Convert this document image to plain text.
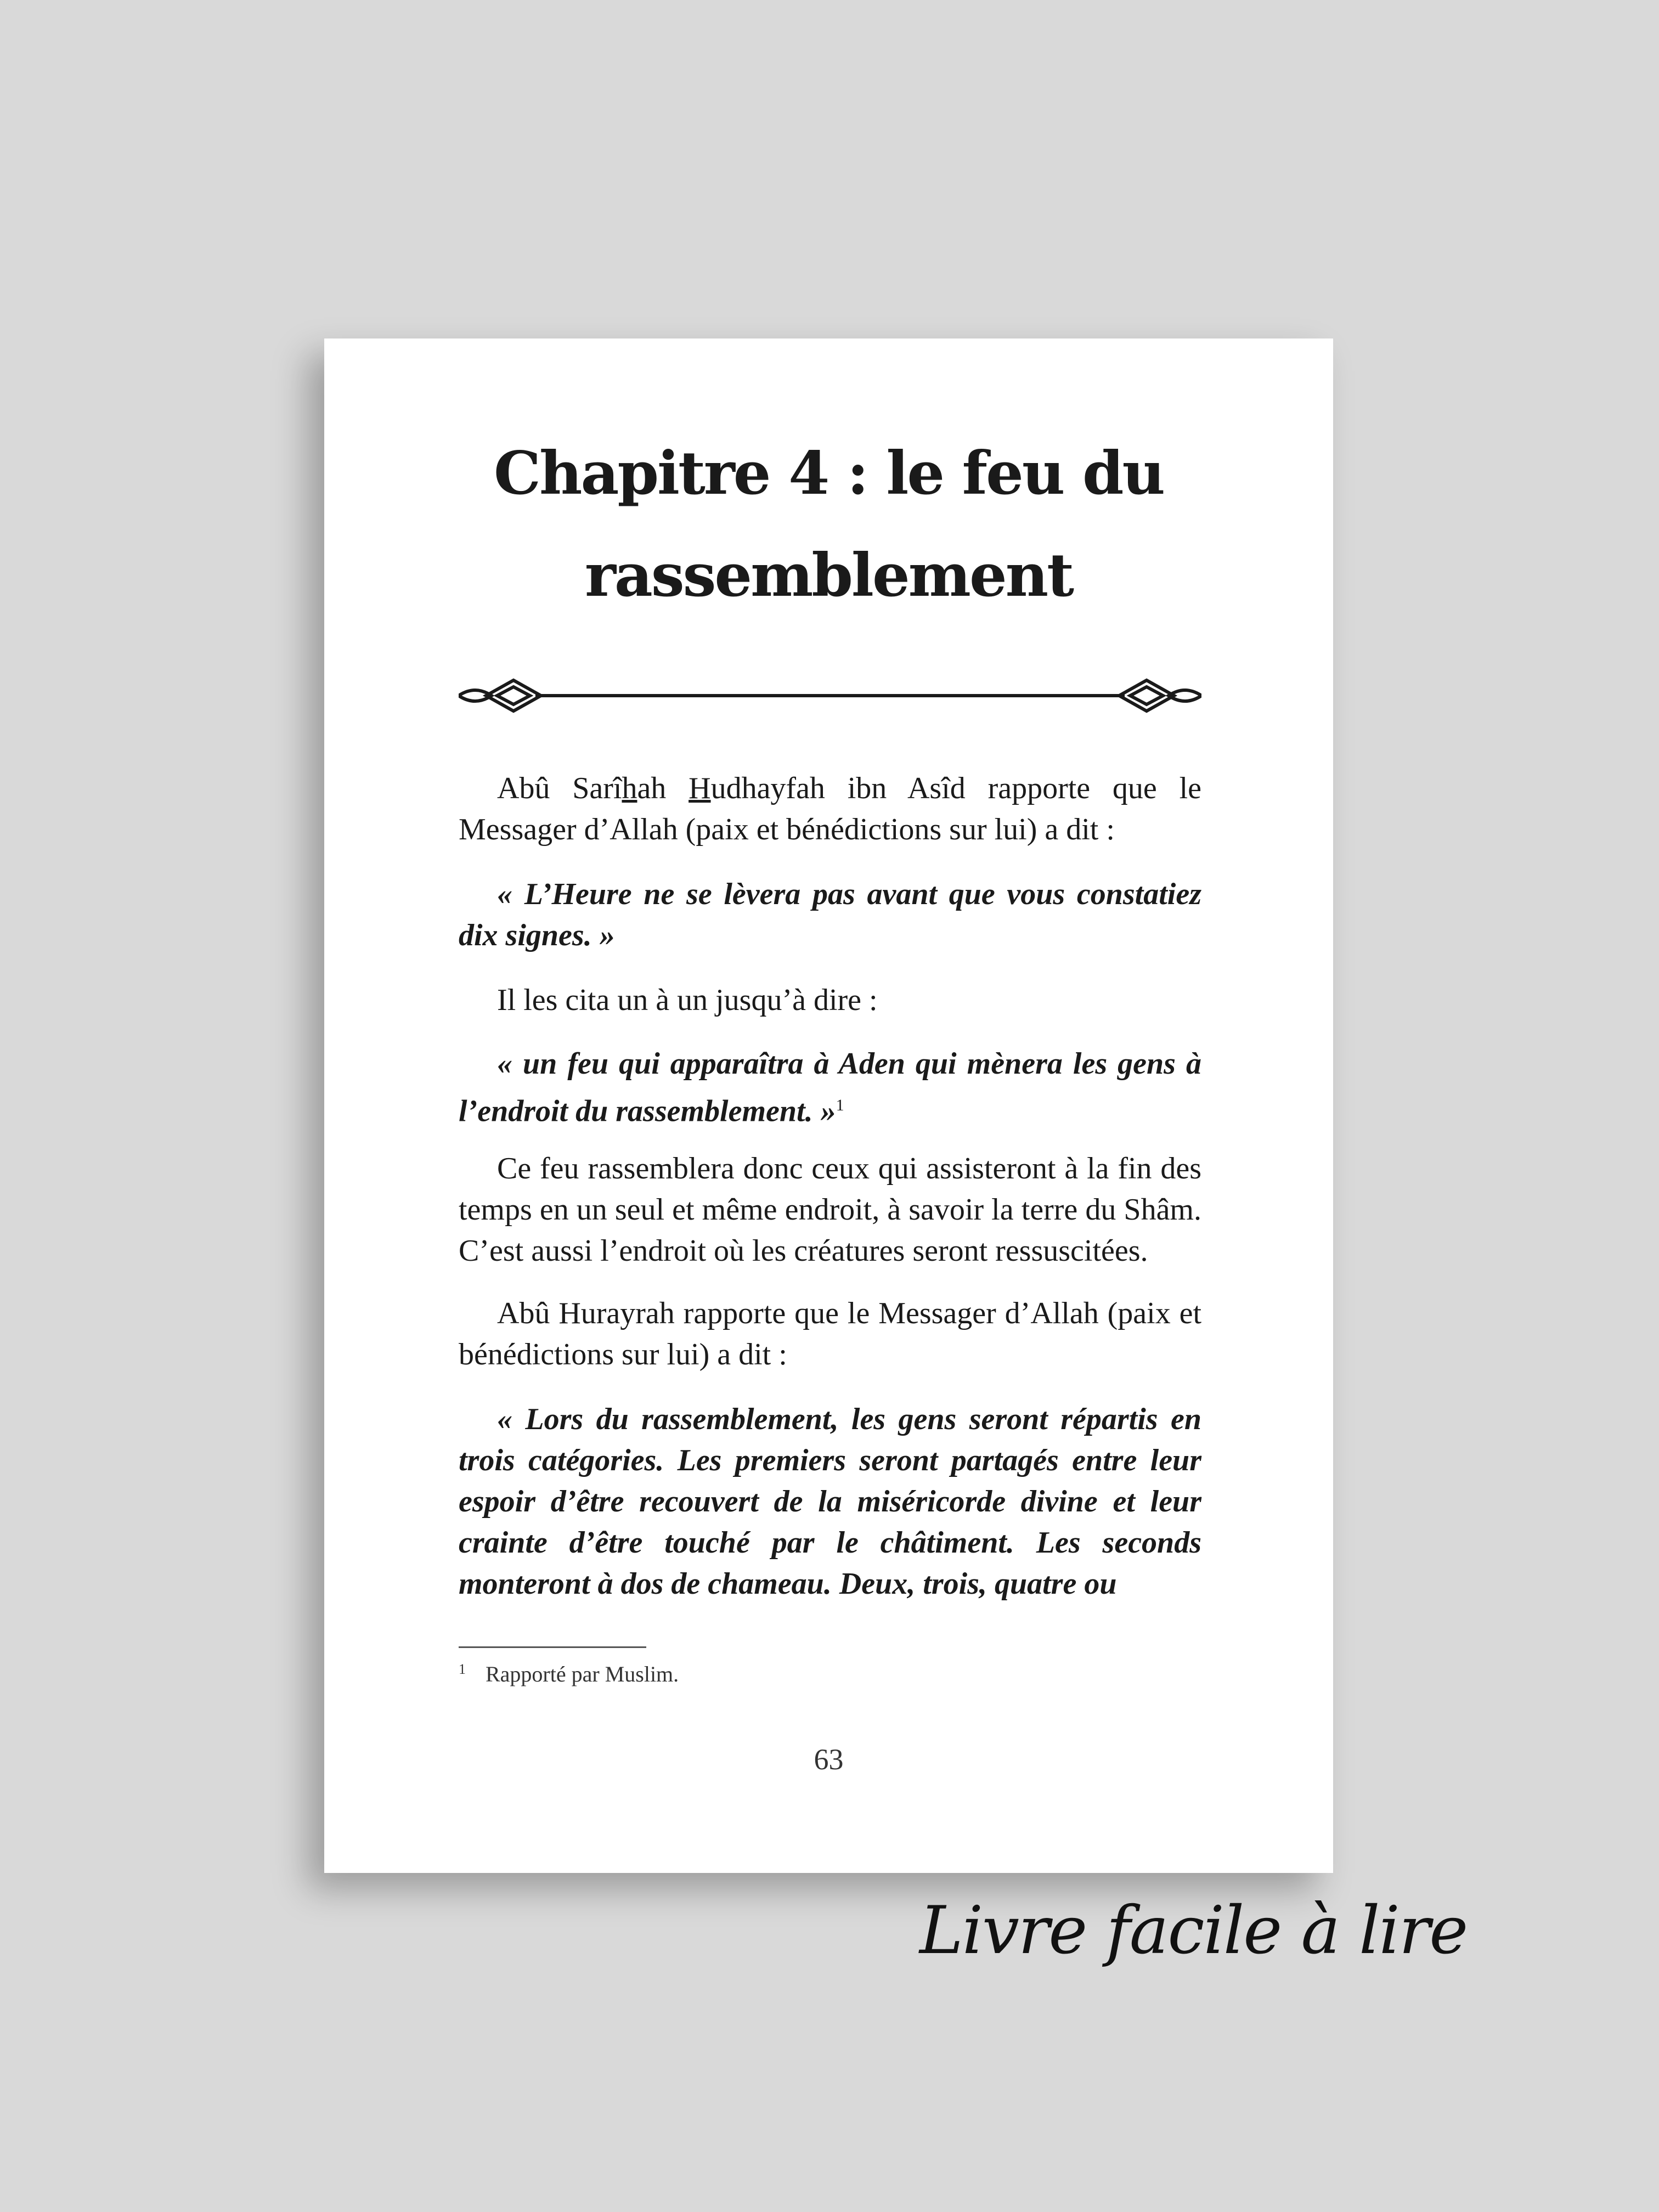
Chapitre 4 : le feu du
rassemblement
Abû Sarîhah Hudhayfah ibn Asîd rapporte que le Messager d’Allah (paix et bénédictions sur lui) a dit :
« L’Heure ne se lèvera pas avant que vous constatiez dix signes. »
Il les cita un à un jusqu’à dire :
« un feu qui apparaîtra à Aden qui mènera les gens à l’endroit du rassemblement. »$^1$
Ce feu rassemblera donc ceux qui assisteront à la fin des temps en un seul et même endroit, à savoir la terre du Shâm. C’est aussi l’endroit où les créatures seront ressuscitées.
Abû Hurayrah rapporte que le Messager d’Allah (paix et bénédictions sur lui) a dit :
« Lors du rassemblement, les gens seront répartis en trois catégories. Les premiers seront partagés entre leur espoir d’être recouvert de la miséricorde divine et leur crainte d’être touché par le châtiment. Les seconds monteront à dos de chameau. Deux, trois, quatre ou
$^1$ Rapporté par Muslim.
63
Livre facile à lire
